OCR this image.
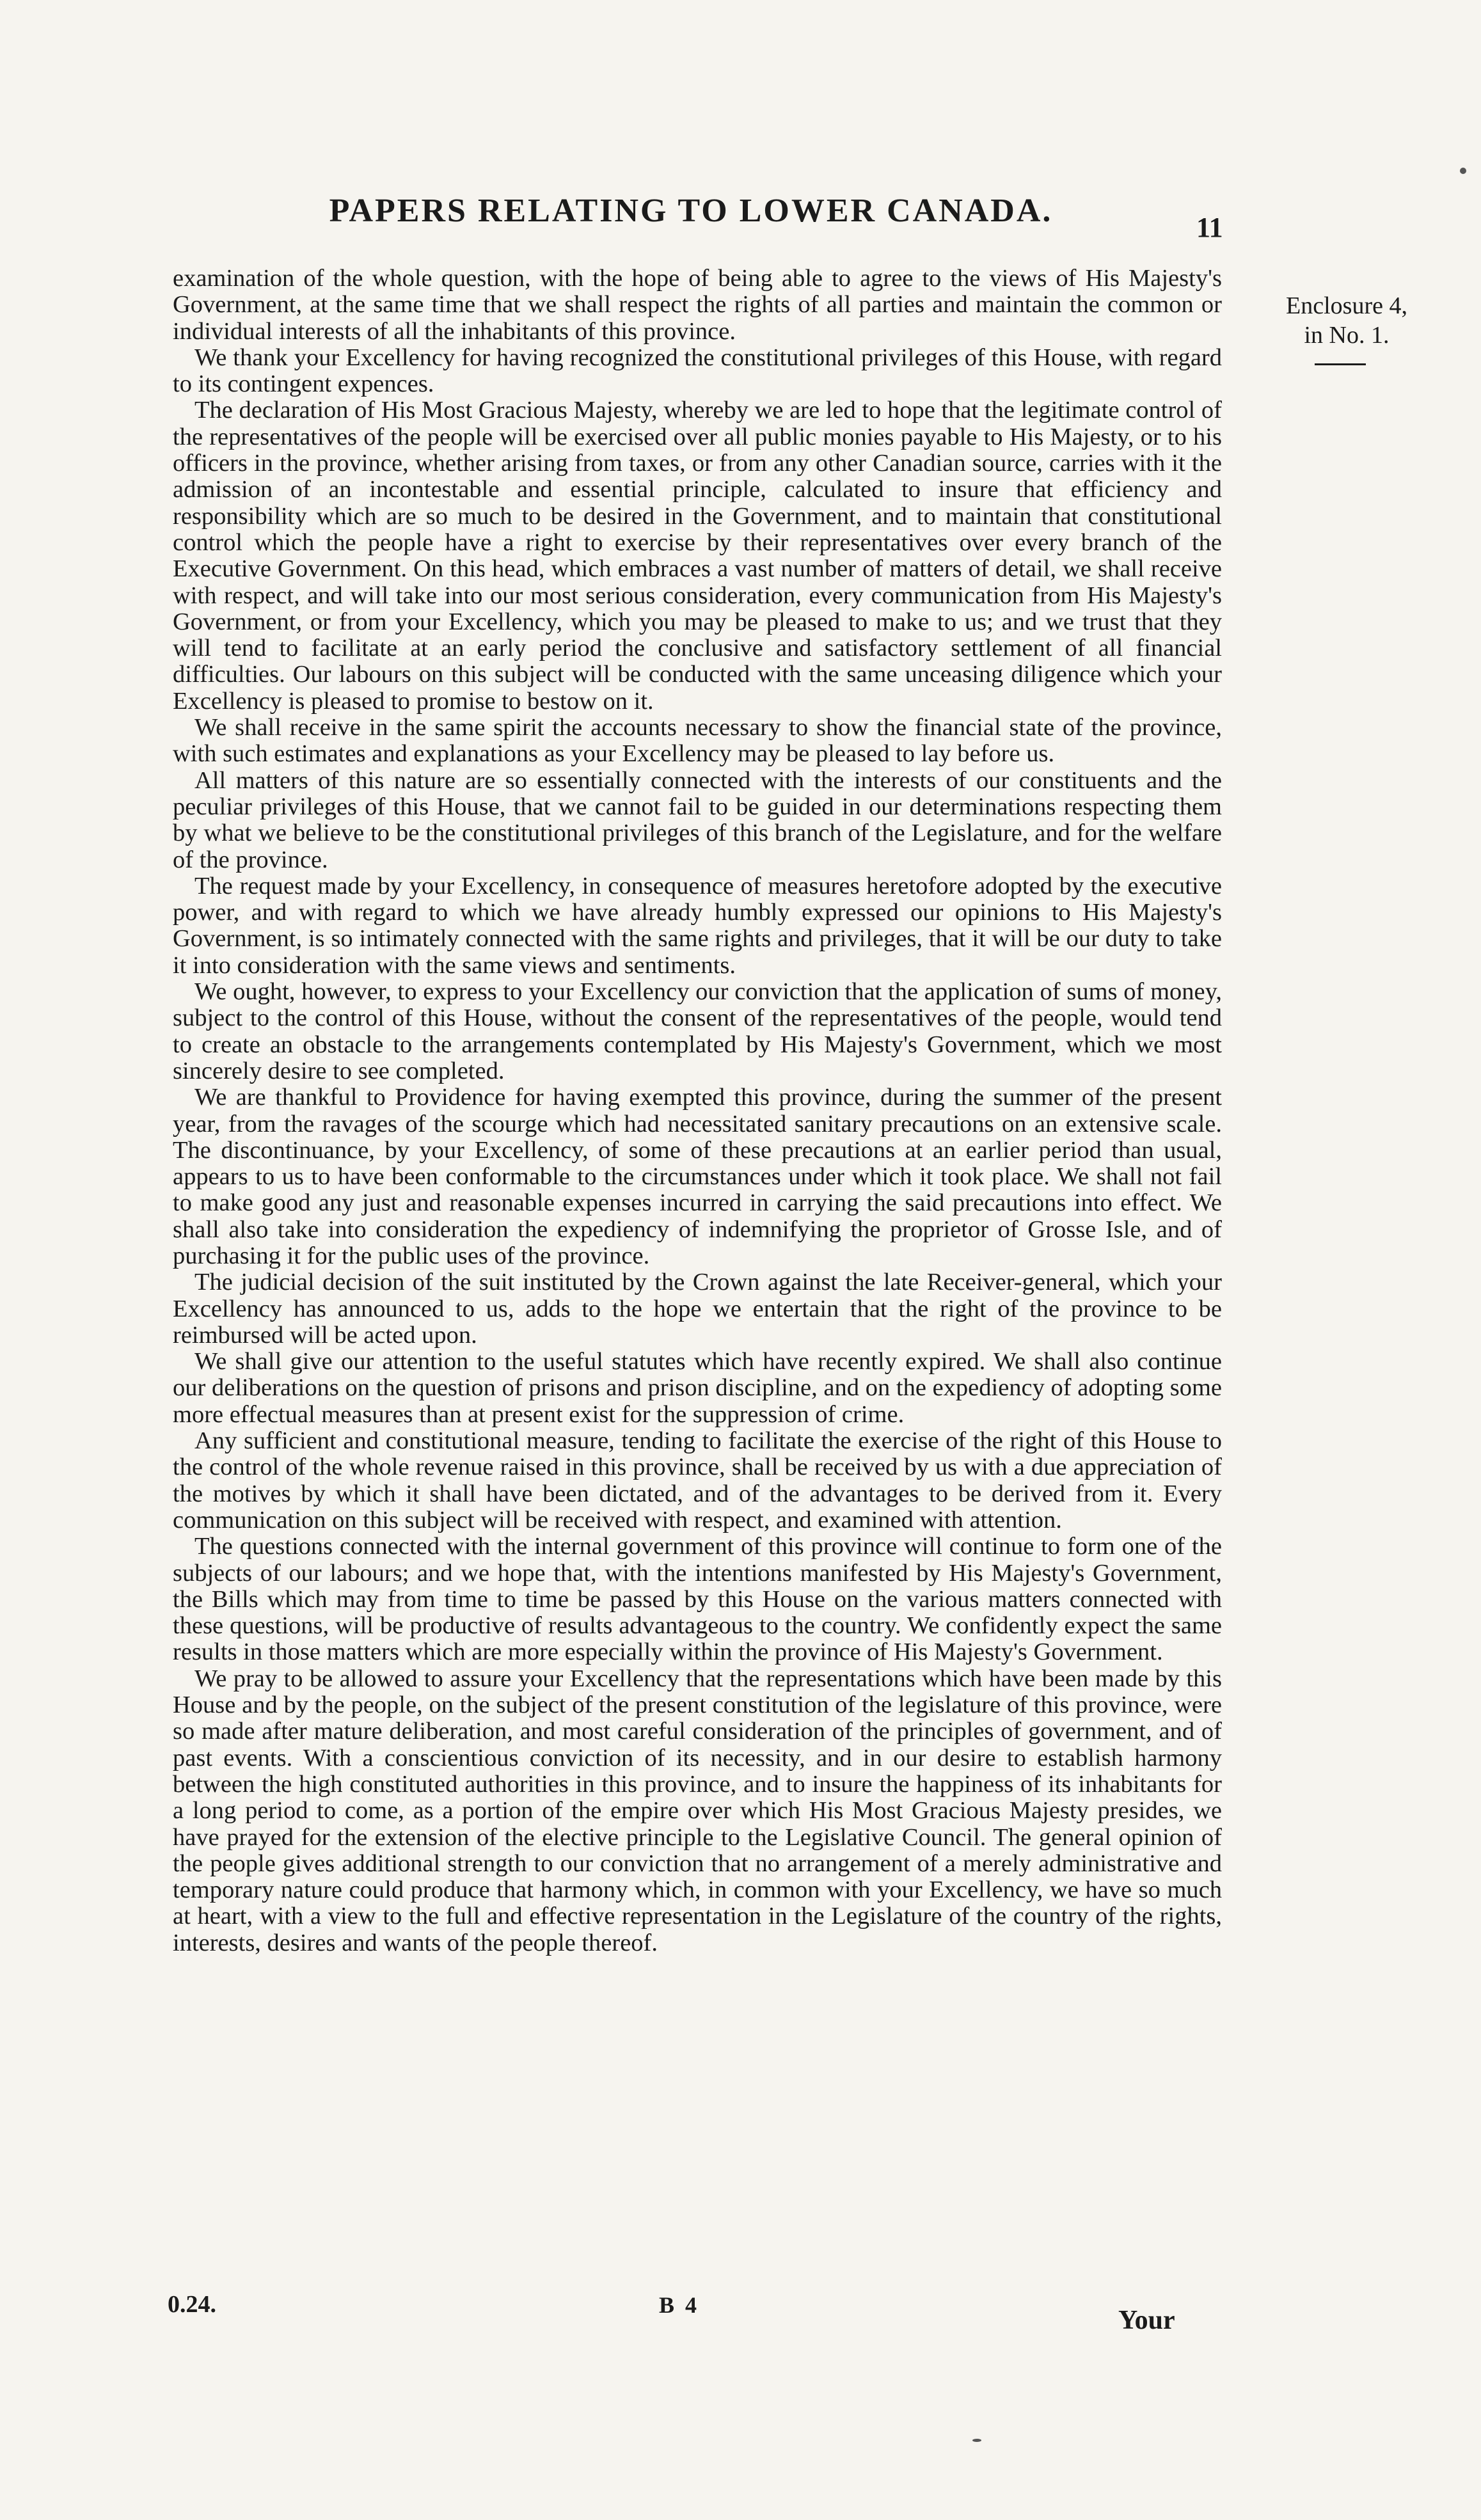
PAPERS RELATING TO LOWER CANADA.	11
Enclosure 4,
in No. 1.

examination of the whole question, with the hope of being able to agree to the views of His Majesty's Government, at the same time that we shall respect the rights of all parties and maintain the common or individual interests of all the inhabitants of this province.

We thank your Excellency for having recognized the constitutional privileges of this House, with regard to its contingent expences.

The declaration of His Most Gracious Majesty, whereby we are led to hope that the legitimate control of the representatives of the people will be exercised over all public monies payable to His Majesty, or to his officers in the province, whether arising from taxes, or from any other Canadian source, carries with it the admission of an incontestable and essential principle, calculated to insure that efficiency and responsibility which are so much to be desired in the Government, and to maintain that constitutional control which the people have a right to exercise by their representatives over every branch of the Executive Government. On this head, which embraces a vast number of matters of detail, we shall receive with respect, and will take into our most serious consideration, every communication from His Majesty's Government, or from your Excellency, which you may be pleased to make to us; and we trust that they will tend to facilitate at an early period the conclusive and satisfactory settlement of all financial difficulties. Our labours on this subject will be conducted with the same unceasing diligence which your Excellency is pleased to promise to bestow on it.

We shall receive in the same spirit the accounts necessary to show the financial state of the province, with such estimates and explanations as your Excellency may be pleased to lay before us.

All matters of this nature are so essentially connected with the interests of our constituents and the peculiar privileges of this House, that we cannot fail to be guided in our determinations respecting them by what we believe to be the constitutional privileges of this branch of the Legislature, and for the welfare of the province.

The request made by your Excellency, in consequence of measures heretofore adopted by the executive power, and with regard to which we have already humbly expressed our opinions to His Majesty's Government, is so intimately connected with the same rights and privileges, that it will be our duty to take it into consideration with the same views and sentiments.

We ought, however, to express to your Excellency our conviction that the application of sums of money, subject to the control of this House, without the consent of the representatives of the people, would tend to create an obstacle to the arrangements contemplated by His Majesty's Government, which we most sincerely desire to see completed.

We are thankful to Providence for having exempted this province, during the summer of the present year, from the ravages of the scourge which had necessitated sanitary precautions on an extensive scale. The discontinuance, by your Excellency, of some of these precautions at an earlier period than usual, appears to us to have been conformable to the circumstances under which it took place. We shall not fail to make good any just and reasonable expenses incurred in carrying the said precautions into effect. We shall also take into consideration the expediency of indemnifying the proprietor of Grosse Isle, and of purchasing it for the public uses of the province.

The judicial decision of the suit instituted by the Crown against the late Receiver-general, which your Excellency has announced to us, adds to the hope we entertain that the right of the province to be reimbursed will be acted upon.

We shall give our attention to the useful statutes which have recently expired. We shall also continue our deliberations on the question of prisons and prison discipline, and on the expediency of adopting some more effectual measures than at present exist for the suppression of crime.

Any sufficient and constitutional measure, tending to facilitate the exercise of the right of this House to the control of the whole revenue raised in this province, shall be received by us with a due appreciation of the motives by which it shall have been dictated, and of the advantages to be derived from it. Every communication on this subject will be received with respect, and examined with attention.

The questions connected with the internal government of this province will continue to form one of the subjects of our labours; and we hope that, with the intentions manifested by His Majesty's Government, the Bills which may from time to time be passed by this House on the various matters connected with these questions, will be productive of results advantageous to the country. We confidently expect the same results in those matters which are more especially within the province of His Majesty's Government.

We pray to be allowed to assure your Excellency that the representations which have been made by this House and by the people, on the subject of the present constitution of the legislature of this province, were so made after mature deliberation, and most careful consideration of the principles of government, and of past events. With a conscientious conviction of its necessity, and in our desire to establish harmony between the high constituted authorities in this province, and to insure the happiness of its inhabitants for a long period to come, as a portion of the empire over which His Most Gracious Majesty presides, we have prayed for the extension of the elective principle to the Legislative Council. The general opinion of the people gives additional strength to our conviction that no arrangement of a merely administrative and temporary nature could produce that harmony which, in common with your Excellency, we have so much at heart, with a view to the full and effective representation in the Legislature of the country of the rights, interests, desires and wants of the people thereof.

0.24.	B 4
Your
